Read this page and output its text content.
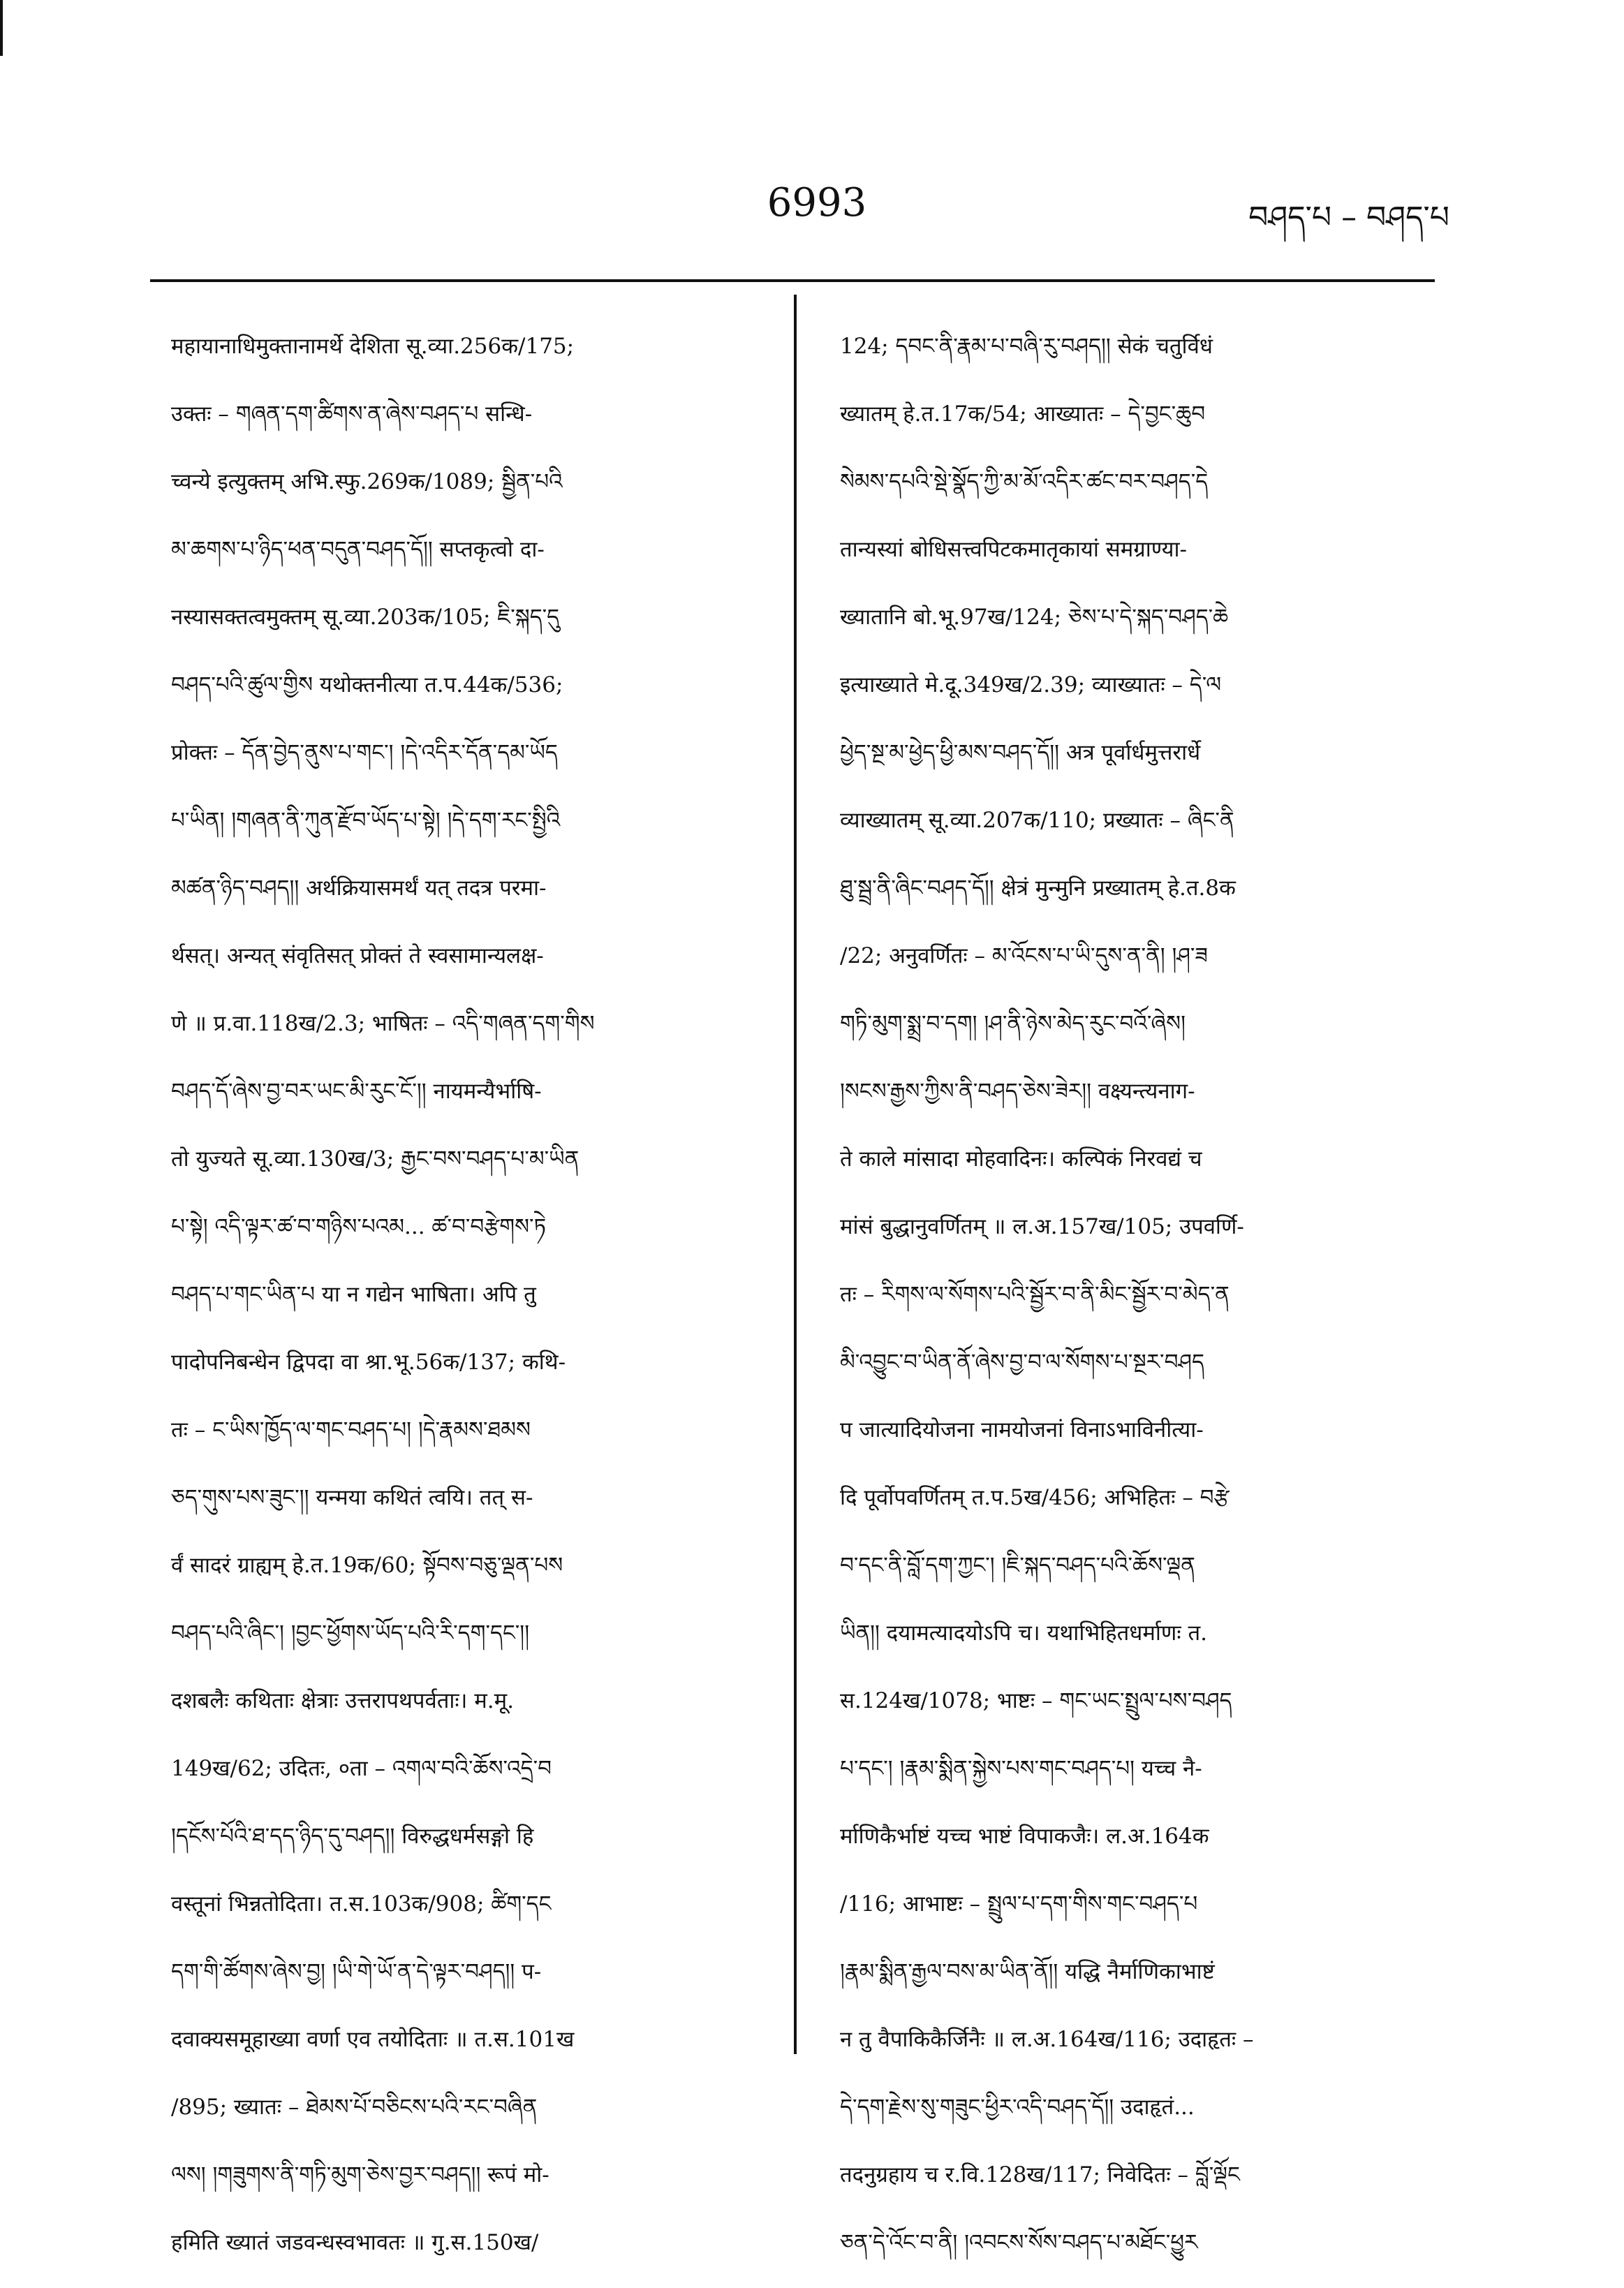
6993	བཤད་པ – བཤད་པ
महायानाधिमुक्तानामर्थे देशिता सू.व्या.256क/175;
उक्तः – གཞན་དག་ཚིགས་ན་ཞེས་བཤད་པ सन्धि-
च्वन्ये इत्युक्तम् अभि.स्फु.269क/1089; སྦྱིན་པའི
མ་ཆགས་པ་ཉིད་ཕན་བདུན་བཤད་དོ།། सप्तकृत्वो दा-
नस्यासक्तत्वमुक्तम् सू.व्या.203क/105; ཇི་སྐད་དུ
བཤད་པའི་ཚུལ་གྱིས यथोक्तनीत्या त.प.44क/536;
प्रोक्तः – དོན་བྱེད་ནུས་པ་གང་། །དེ་འདིར་དོན་དམ་ཡོད
པ་ཡིན། །གཞན་ནི་ཀུན་རྫོབ་ཡོད་པ་སྟེ། །དེ་དག་རང་སྤྱིའི
མཚན་ཉིད་བཤད།། अर्थक्रियासमर्थं यत् तदत्र परमा-
र्थसत्। अन्यत् संवृतिसत् प्रोक्तं ते स्वसामान्यलक्ष-
णे ॥ प्र.वा.118ख/2.3; भाषितः – འདི་གཞན་དག་གིས
བཤད་དོ་ཞེས་བྱ་བར་ཡང་མི་རུང་ངོ་།། नायमन्यैर्भाषि-
तो युज्यते सू.व्या.130ख/3; རྒྱང་བས་བཤད་པ་མ་ཡིན
པ་སྟེ། འདི་ལྟར་ཚ་བ་གཉིས་པའམ... ཚ་བ་བརྩེགས་ཏེ
བཤད་པ་གང་ཡིན་པ या न गद्येन भाषिता। अपि तु
पादोपनिबन्धेन द्विपदा वा श्रा.भू.56क/137; कथि-
तः – ང་ཡིས་ཁྱོད་ལ་གང་བཤད་པ། །དེ་རྣམས་ཐམས
ཅད་གུས་པས་ཟུང་།། यन्मया कथितं त्वयि। तत् स-
र्वं सादरं ग्राह्यम् हे.त.19क/60; སྟོབས་བཅུ་ལྡན་པས
བཤད་པའི་ཞིང་། །བྱང་ཕྱོགས་ཡོད་པའི་རི་དག་དང་།།
दशबलैः कथिताः क्षेत्राः उत्तरापथपर्वताः। म.मू.
149ख/62; उदितः, ०ता – འགལ་བའི་ཆོས་འདྲེ་བ
།དངོས་པོའི་ཐ་དད་ཉིད་དུ་བཤད།། विरुद्धधर्मसङ्गो हि
वस्तूनां भिन्नतोदिता। त.स.103क/908; ཚིག་དང
དག་གི་ཚོགས་ཞེས་བྱ། །ཡི་གེ་ཡོ་ན་དེ་ལྟར་བཤད།། प-
दवाक्यसमूहाख्या वर्णा एव तयोदिताः ॥ त.स.101ख
/895; ख्यातः – ཐེམས་པོ་བཅིངས་པའི་རང་བཞིན
ལས། །གཟུགས་ནི་གཏི་མུག་ཅེས་བྱར་བཤད།། रूपं मो-
हमिति ख्यातं जडवन्धस्वभावतः ॥ गु.स.150ख/
124; དབང་ནི་རྣམ་པ་བཞི་རུ་བཤད།། सेकं चतुर्विधं
ख्यातम् हे.त.17क/54; आख्यातः – དེ་བྱང་ཆུབ
སེམས་དཔའི་སྡེ་སྣོད་ཀྱི་མ་མོ་འདིར་ཚང་བར་བཤད་དེ
तान्यस्यां बोधिसत्त्वपिटकमातृकायां समग्राण्या-
ख्यातानि बो.भू.97ख/124; ཅེས་པ་དེ་སྐད་བཤད་ཆེ
इत्याख्याते मे.दू.349ख/2.39; व्याख्यातः – དེ་ལ
ཕྱེད་སྔ་མ་ཕྱེད་ཕྱི་མས་བཤད་དོ།། अत्र पूर्वार्धमुत्तरार्धे
व्याख्यातम् सू.व्या.207क/110; प्रख्यातः – ཞིང་ནི
ཐུ་སྦྲ་ནི་ཞིང་བཤད་དོ།། क्षेत्रं मुन्मुनि प्रख्यातम् हे.त.8क
/22; अनुवर्णितः – མ་འོངས་པ་ཡི་དུས་ན་ནི། །ཤ་ཟ
གཏི་མུག་སྨྲ་བ་དག། །ཤ་ནི་ཉེས་མེད་རུང་བའོ་ཞེས།
།སངས་རྒྱས་ཀྱིས་ནི་བཤད་ཅེས་ཟེར།། वक्ष्यन्त्यनाग-
ते काले मांसादा मोहवादिनः। कल्पिकं निरवद्यं च
मांसं बुद्धानुवर्णितम् ॥ ल.अ.157ख/105; उपवर्णि-
तः – རིགས་ལ་སོགས་པའི་སྦྱོར་བ་ནི་མིང་སྦྱོར་བ་མེད་ན
མི་འབྱུང་བ་ཡིན་ནོ་ཞེས་བྱ་བ་ལ་སོགས་པ་སྔར་བཤད
प जात्यादियोजना नामयोजनां विनाऽभाविनीत्या-
दि पूर्वोपवर्णितम् त.प.5ख/456; अभिहितः – བརྩེ
བ་དང་ནི་བློ་དག་ཀྱང་། །ཇི་སྐད་བཤད་པའི་ཆོས་ལྡན
ཡིན།། दयामत्यादयोऽपि च। यथाभिहितधर्माणः त.
स.124ख/1078; भाष्टः – གང་ཡང་སྤྲུལ་པས་བཤད
པ་དང་། །རྣམ་སྨིན་སྐྱེས་པས་གང་བཤད་པ། यच्च नै-
र्माणिकैर्भाष्टं यच्च भाष्टं विपाकजैः। ल.अ.164क
/116; आभाष्टः – སྤྲུལ་པ་དག་གིས་གང་བཤད་པ
།རྣམ་སྨིན་རྒྱལ་བས་མ་ཡིན་ནོ།། यद्धि नैर्माणिकाभाष्टं
न तु वैपाकिकैर्जिनैः ॥ ल.अ.164ख/116; उदाहृतः –
དེ་དག་རྗེས་སུ་གཟུང་ཕྱིར་འདི་བཤད་དོ།། उदाहृतं...
तदनुग्रहाय च र.वि.128ख/117; निवेदितः – བློ་ལྡོང
ཅན་དེ་འོང་བ་ནི། །འབངས་སོས་བཤད་པ་མཐོང་ཕྱུར
